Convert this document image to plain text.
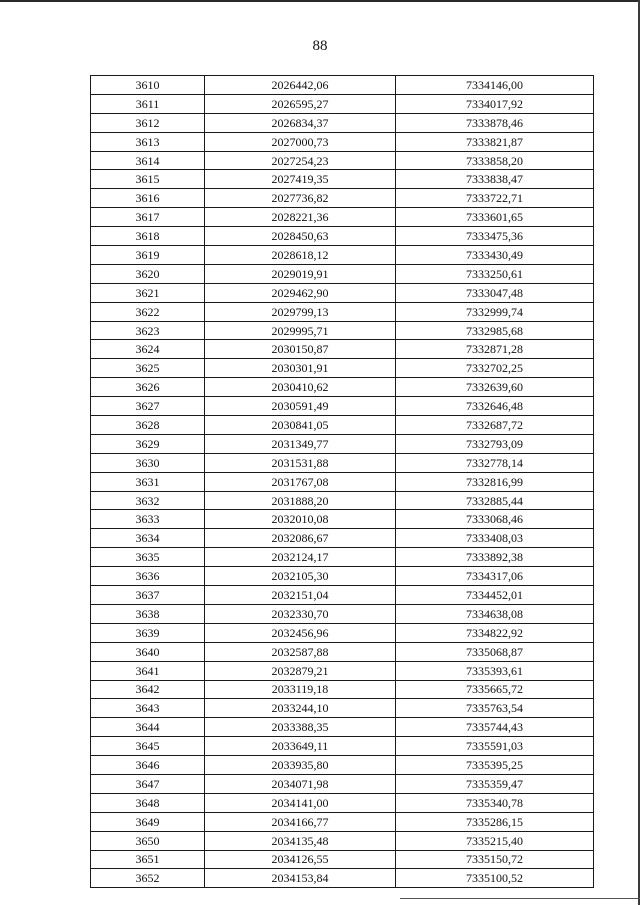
88
3610	2026442,06	7334146,00
3611	2026595,27	7334017,92
3612	2026834,37	7333878,46
3613	2027000,73	7333821,87
3614	2027254,23	7333858,20
3615	2027419,35	7333838,47
3616	2027736,82	7333722,71
3617	2028221,36	7333601,65
3618	2028450,63	7333475,36
3619	2028618,12	7333430,49
3620	2029019,91	7333250,61
3621	2029462,90	7333047,48
3622	2029799,13	7332999,74
3623	2029995,71	7332985,68
3624	2030150,87	7332871,28
3625	2030301,91	7332702,25
3626	2030410,62	7332639,60
3627	2030591,49	7332646,48
3628	2030841,05	7332687,72
3629	2031349,77	7332793,09
3630	2031531,88	7332778,14
3631	2031767,08	7332816,99
3632	2031888,20	7332885,44
3633	2032010,08	7333068,46
3634	2032086,67	7333408,03
3635	2032124,17	7333892,38
3636	2032105,30	7334317,06
3637	2032151,04	7334452,01
3638	2032330,70	7334638,08
3639	2032456,96	7334822,92
3640	2032587,88	7335068,87
3641	2032879,21	7335393,61
3642	2033119,18	7335665,72
3643	2033244,10	7335763,54
3644	2033388,35	7335744,43
3645	2033649,11	7335591,03
3646	2033935,80	7335395,25
3647	2034071,98	7335359,47
3648	2034141,00	7335340,78
3649	2034166,77	7335286,15
3650	2034135,48	7335215,40
3651	2034126,55	7335150,72
3652	2034153,84	7335100,52
